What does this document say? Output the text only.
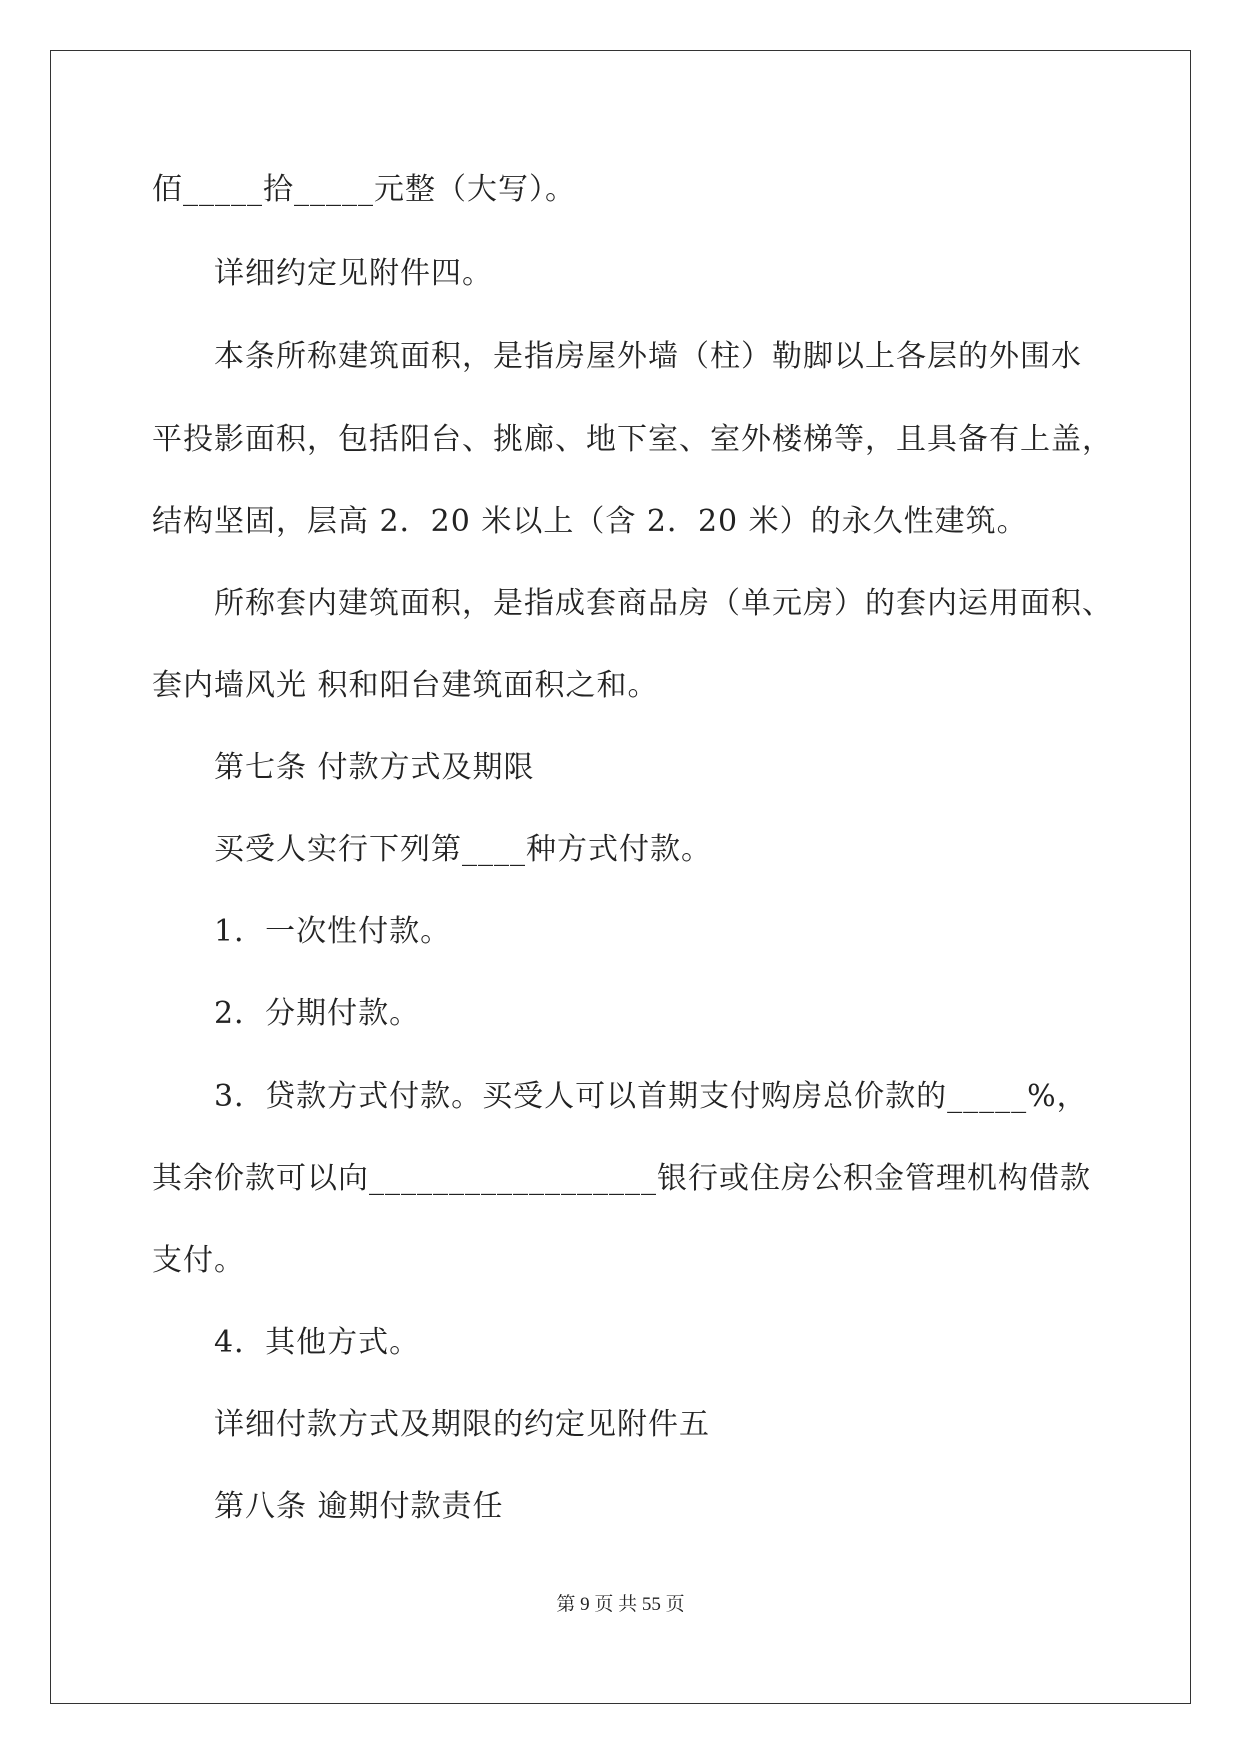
佰_____拾_____元整（大写）。
详细约定见附件四。
本条所称建筑面积，是指房屋外墙（柱）勒脚以上各层的外围水
平投影面积，包括阳台、挑廊、地下室、室外楼梯等，且具备有上盖，
结构坚固，层高 2．20 米以上（含 2．20 米）的永久性建筑。
所称套内建筑面积，是指成套商品房（单元房）的套内运用面积、
套内墙风光 积和阳台建筑面积之和。
第七条 付款方式及期限
买受人实行下列第____种方式付款。
1．一次性付款。
2．分期付款。
3．贷款方式付款。买受人可以首期支付购房总价款的_____%，
其余价款可以向__________________银行或住房公积金管理机构借款
支付。
4．其他方式。
详细付款方式及期限的约定见附件五
第八条 逾期付款责任
第 9 页 共 55 页
